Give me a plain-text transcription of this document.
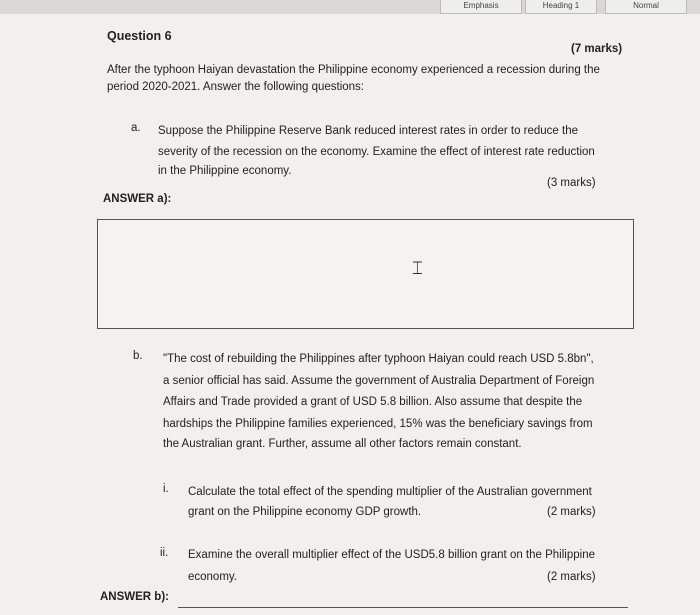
Emphasis	Heading 1	Normal
Question 6
(7 marks)
After the typhoon Haiyan devastation the Philippine economy experienced a recession during the
period 2020-2021. Answer the following questions:
a. Suppose the Philippine Reserve Bank reduced interest rates in order to reduce the
severity of the recession on the economy. Examine the effect of interest rate reduction
in the Philippine economy.
(3 marks)
ANSWER a):
⌶
b. "The cost of rebuilding the Philippines after typhoon Haiyan could reach USD 5.8bn",
a senior official has said. Assume the government of Australia Department of Foreign
Affairs and Trade provided a grant of USD 5.8 billion. Also assume that despite the
hardships the Philippine families experienced, 15% was the beneficiary savings from
the Australian grant. Further, assume all other factors remain constant.
i. Calculate the total effect of the spending multiplier of the Australian government
grant on the Philippine economy GDP growth.	(2 marks)
ii. Examine the overall multiplier effect of the USD5.8 billion grant on the Philippine
economy.	(2 marks)
ANSWER b):
